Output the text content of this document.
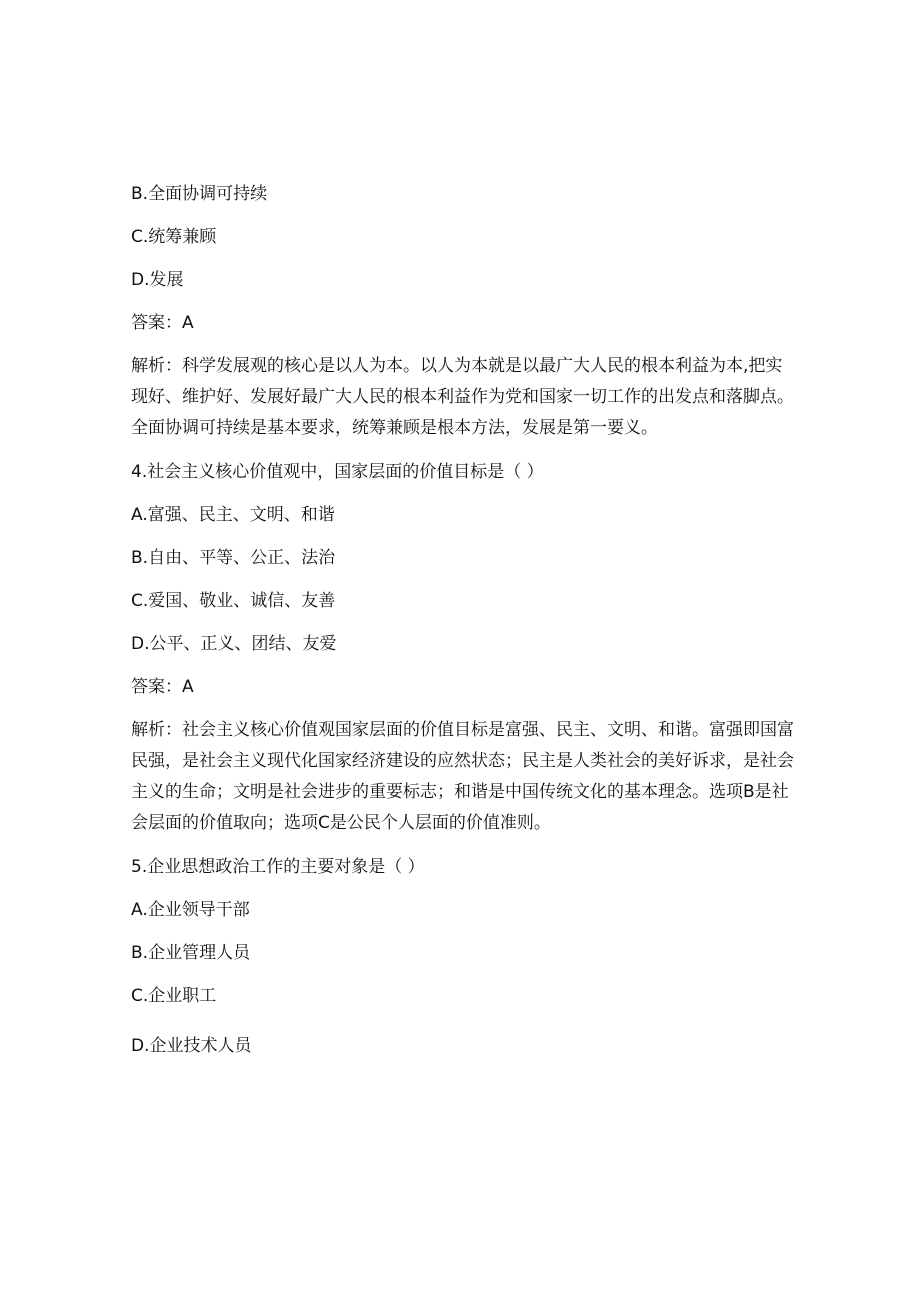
B.全面协调可持续
C.统筹兼顾
D.发展
答案：A
解析：科学发展观的核心是以人为本。以人为本就是以最广大人民的根本利益为本,把实
现好、维护好、发展好最广大人民的根本利益作为党和国家一切工作的出发点和落脚点。
全面协调可持续是基本要求，统筹兼顾是根本方法，发展是第一要义。
4.社会主义核心价值观中，国家层面的价值目标是（ ）
A.富强、民主、文明、和谐
B.自由、平等、公正、法治
C.爱国、敬业、诚信、友善
D.公平、正义、团结、友爱
答案：A
解析：社会主义核心价值观国家层面的价值目标是富强、民主、文明、和谐。富强即国富
民强，是社会主义现代化国家经济建设的应然状态；民主是人类社会的美好诉求，是社会
主义的生命；文明是社会进步的重要标志；和谐是中国传统文化的基本理念。选项B是社
会层面的价值取向；选项C是公民个人层面的价值准则。
5.企业思想政治工作的主要对象是（ ）
A.企业领导干部
B.企业管理人员
C.企业职工
D.企业技术人员
